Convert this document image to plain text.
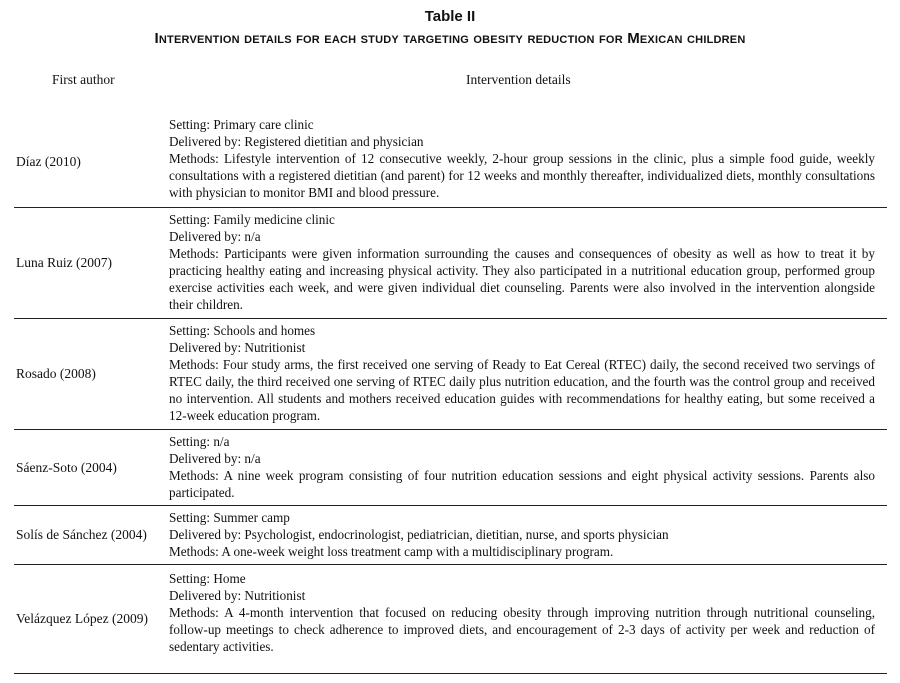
Table II
Intervention details for each study targeting obesity reduction for Mexican children
First author	Intervention details
Díaz (2010)
Setting: Primary care clinic
Delivered by: Registered dietitian and physician
Methods: Lifestyle intervention of 12 consecutive weekly, 2-hour group sessions in the clinic, plus a simple food guide, weekly consultations with a registered dietitian (and parent) for 12 weeks and monthly thereafter, individualized diets, monthly consultations with physician to monitor BMI and blood pressure.
Luna Ruiz (2007)
Setting: Family medicine clinic
Delivered by: n/a
Methods: Participants were given information surrounding the causes and consequences of obesity as well as how to treat it by practicing healthy eating and increasing physical activity. They also participated in a nutritional education group, performed group exercise activities each week, and were given individual diet counseling. Parents were also involved in the intervention alongside their children.
Rosado (2008)
Setting: Schools and homes
Delivered by: Nutritionist
Methods: Four study arms, the first received one serving of Ready to Eat Cereal (RTEC) daily, the second received two servings of RTEC daily, the third received one serving of RTEC daily plus nutrition education, and the fourth was the control group and received no intervention. All students and mothers received education guides with recommendations for healthy eating, but some received a 12-week education program.
Sáenz-Soto (2004)
Setting: n/a
Delivered by: n/a
Methods: A nine week program consisting of four nutrition education sessions and eight physical activity sessions. Parents also participated.
Solís de Sánchez (2004)
Setting: Summer camp
Delivered by: Psychologist, endocrinologist, pediatrician, dietitian, nurse, and sports physician
Methods: A one-week weight loss treatment camp with a multidisciplinary program.
Velázquez López (2009)
Setting: Home
Delivered by: Nutritionist
Methods: A 4-month intervention that focused on reducing obesity through improving nutrition through nutritional counseling, follow-up meetings to check adherence to improved diets, and encouragement of 2-3 days of activity per week and reduction of sedentary activities.
